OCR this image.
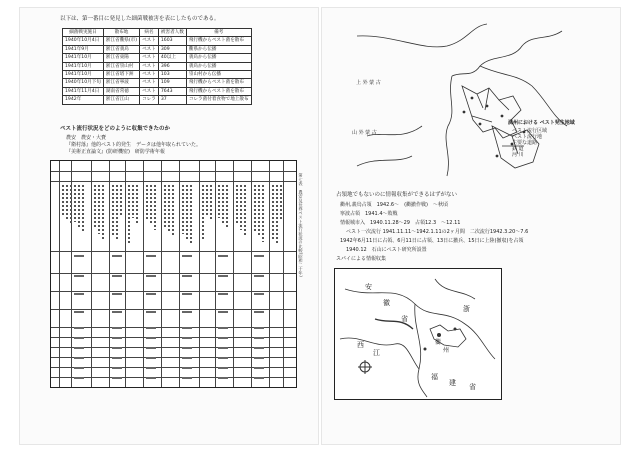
以下は、第一番目に発見した細菌戦被害を表にしたものである。
細菌戦実施日	散布地	病名	被害者人数	備考
1940年10月4日	浙江省衢県(市)	ペスト	1603	飛行機からペスト菌を散布
1941年9月	浙江省義烏	ペスト	309	衢県から伝播
1941年10月	浙江省東陽	ペスト	40以上	義烏から伝播
1941年10月	浙江省崇山村	ペスト	396	義烏から伝播
1941年10月	浙江省塔下洲	ペスト	103	崇山村から伝播
1940年10月下旬	浙江省寧波	ペスト	109	飛行機からペスト菌を散布
1941年11月4日	湖南省常徳	ペスト	7643	飛行機からペスト菌を散布
1942年	浙江省江山	コレラ	37	コレラ菌付着食物で地上散布
ペスト流行状況をどのように収集できたのか
農安　農安・大賚
『衛村落』他的ペスト的発生　データは他年取られていた。
『美術正直論文』(防研機密)　研防学術年報
第七表　農安及長春ペスト流行状況の比較(昭和二十年)
上 外 蒙 古
山 外 蒙 古
満州における ペスト発生地域
ペスト流行区域
ペスト流行地
主要な道路
鉄 道
河 川
占領地でもないのに情報収集ができるはずがない
衢州,義烏占領　1942.6〜　(衢撤作戦)　〜秋頃
寧波占領　1941.4〜敗戦
情報城市入　1940.11.28〜29　占領12.3　〜12.11
ペスト一次流行 1941.11.11〜1942.1.11の2ヶ月間　二次流行1942.3.20〜7.6
1942年6月11日に占領、6月11日に占領、13日に撤兵、15日に上陸(撤収)を占領
1940.12　石山にペスト研究所設置
スパイによる情報収集
安
徽
省
西
江
浙
福
建 省
衢
州
